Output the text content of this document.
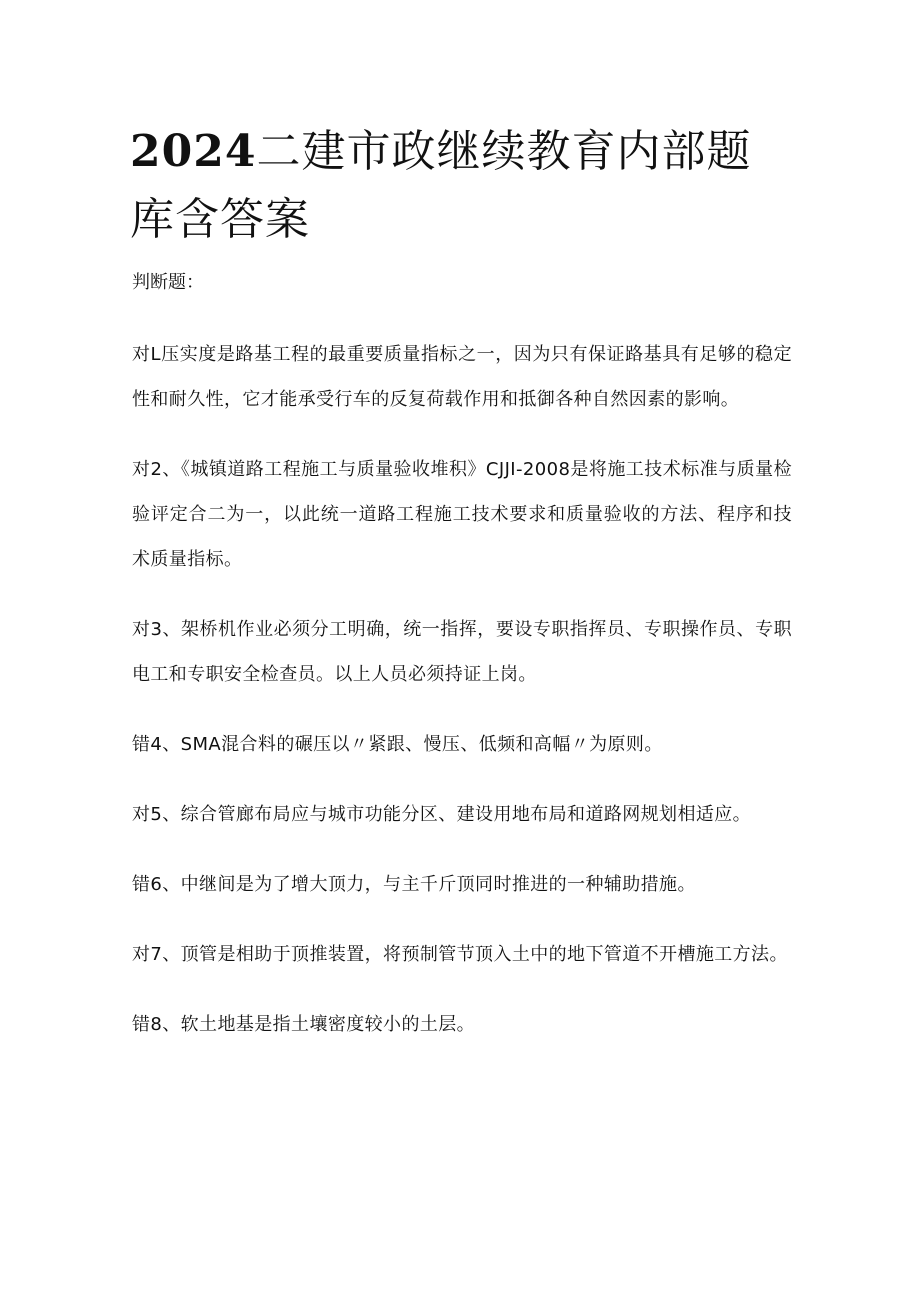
2024二建市政继续教育内部题库含答案

判断题：

对L压实度是路基工程的最重要质量指标之一，因为只有保证路基具有足够的稳定性和耐久性，它才能承受行车的反复荷载作用和抵御各种自然因素的影响。
对2、《城镇道路工程施工与质量验收堆积》CJJI-2008是将施工技术标准与质量检验评定合二为一，以此统一道路工程施工技术要求和质量验收的方法、程序和技术质量指标。
对3、架桥机作业必须分工明确，统一指挥，要设专职指挥员、专职操作员、专职电工和专职安全检查员。以上人员必须持证上岗。
错4、SMA混合料的碾压以〃紧跟、慢压、低频和高幅〃为原则。
对5、综合管廊布局应与城市功能分区、建设用地布局和道路网规划相适应。
错6、中继间是为了增大顶力，与主千斤顶同时推进的一种辅助措施。
对7、顶管是相助于顶推装置，将预制管节顶入土中的地下管道不开槽施工方法。
错8、软土地基是指土壤密度较小的土层。
